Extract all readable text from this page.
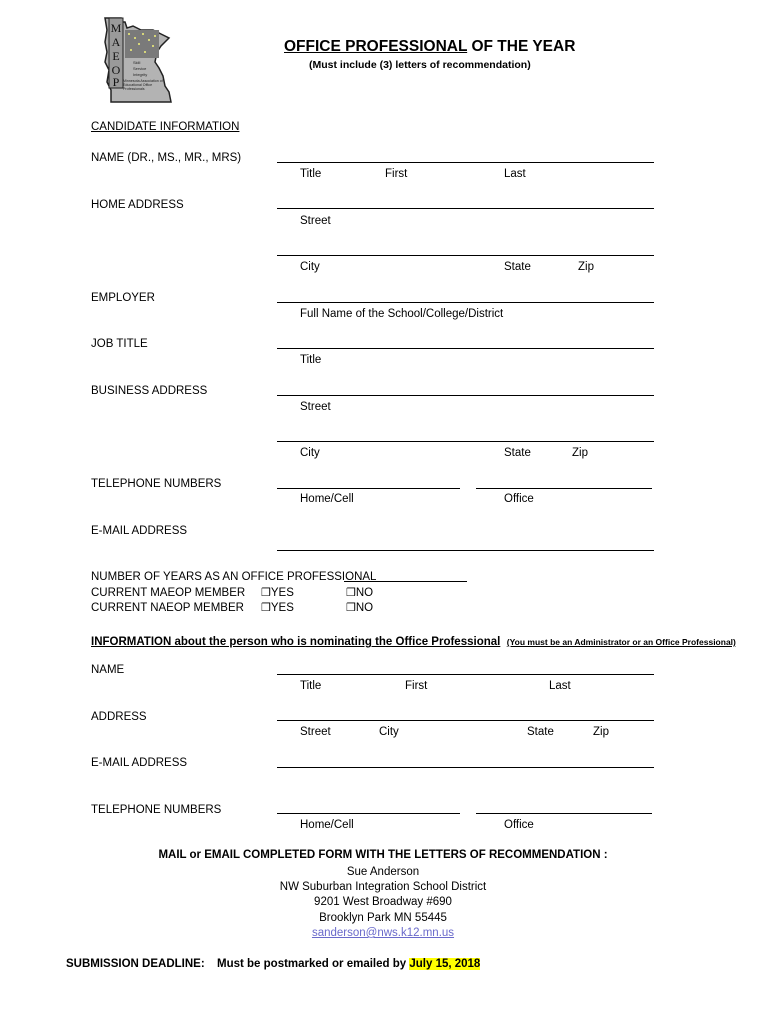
M
A
E
O
P
Skill
Service
Integrity
Minnesota Association of Educational Office Professionals
OFFICE PROFESSIONAL OF THE YEAR
(Must include (3) letters of recommendation)
CANDIDATE INFORMATION
NAME (DR., MS., MR., MRS)
Title	First	Last
HOME ADDRESS
Street
City	State	Zip
EMPLOYER
Full Name of the School/College/District
JOB TITLE
Title
BUSINESS ADDRESS
Street
City	State	Zip
TELEPHONE NUMBERS
Home/Cell	Office
E-MAIL ADDRESS
NUMBER OF YEARS AS AN OFFICE PROFESSIONAL
CURRENT MAEOP MEMBER ❒YES	❒NO
CURRENT NAEOP MEMBER ❒YES	❒NO
INFORMATION about the person who is nominating the Office Professional (You must be an Administrator or an Office Professional)
NAME
Title	First	Last
ADDRESS
Street	City	State	Zip
E-MAIL ADDRESS
TELEPHONE NUMBERS
Home/Cell	Office
MAIL or EMAIL COMPLETED FORM WITH THE LETTERS OF RECOMMENDATION :
Sue Anderson
NW Suburban Integration School District
9201 West Broadway #690
Brooklyn Park MN 55445
sanderson@nws.k12.mn.us
SUBMISSION DEADLINE: Must be postmarked or emailed by July 15, 2018
